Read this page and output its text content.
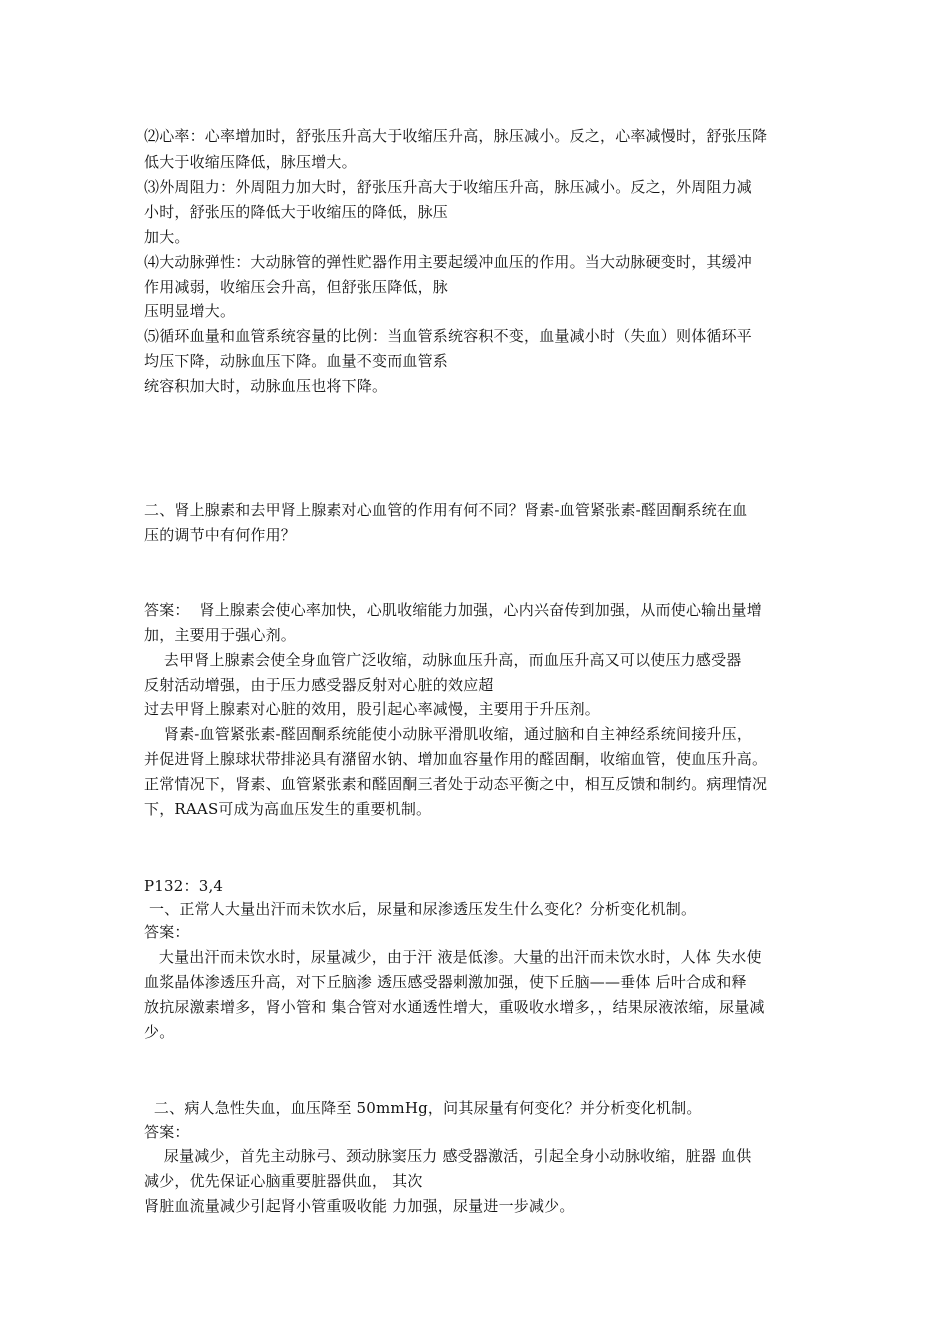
⑵心率：心率增加时，舒张压升高大于收缩压升高，脉压减小。反之，心率减慢时，舒张压降
低大于收缩压降低，脉压增大。
⑶外周阻力：外周阻力加大时，舒张压升高大于收缩压升高，脉压减小。反之，外周阻力减
小时，舒张压的降低大于收缩压的降低，脉压
加大。
⑷大动脉弹性：大动脉管的弹性贮器作用主要起缓冲血压的作用。当大动脉硬变时，其缓冲
作用减弱，收缩压会升高，但舒张压降低，脉
压明显增大。
⑸循环血量和血管系统容量的比例：当血管系统容积不变，血量减小时（失血）则体循环平
均压下降，动脉血压下降。血量不变而血管系
统容积加大时，动脉血压也将下降。
二、肾上腺素和去甲肾上腺素对心血管的作用有何不同？肾素-血管紧张素-醛固酮系统在血
压的调节中有何作用？
答案：  肾上腺素会使心率加快，心肌收缩能力加强，心内兴奋传到加强，从而使心输出量增
加，主要用于强心剂。
去甲肾上腺素会使全身血管广泛收缩，动脉血压升高，而血压升高又可以使压力感受器
反射活动增强，由于压力感受器反射对心脏的效应超
过去甲肾上腺素对心脏的效用，股引起心率减慢，主要用于升压剂。
肾素-血管紧张素-醛固酮系统能使小动脉平滑肌收缩，通过脑和自主神经系统间接升压，
并促进肾上腺球状带排泌具有潴留水钠、增加血容量作用的醛固酮，收缩血管，使血压升高。
正常情况下，肾素、血管紧张素和醛固酮三者处于动态平衡之中，相互反馈和制约。病理情况
下，RAAS可成为高血压发生的重要机制。
P132：3,4
一、正常人大量出汗而未饮水后，尿量和尿渗透压发生什么变化？分析变化机制。
答案：
大量出汗而未饮水时，尿量减少，由于汗 液是低渗。大量的出汗而未饮水时，人体 失水使
血浆晶体渗透压升高，对下丘脑渗 透压感受器刺激加强，使下丘脑——垂体 后叶合成和释
放抗尿激素增多，肾小管和 集合管对水通透性增大，重吸收水增多，，结果尿液浓缩，尿量减
少。
二、病人急性失血，血压降至 50mmHg，问其尿量有何变化？并分析变化机制。
答案：
尿量减少，首先主动脉弓、颈动脉窦压力 感受器激活，引起全身小动脉收缩，脏器 血供
减少，优先保证心脑重要脏器供血， 其次
肾脏血流量减少引起肾小管重吸收能 力加强，尿量进一步减少。
